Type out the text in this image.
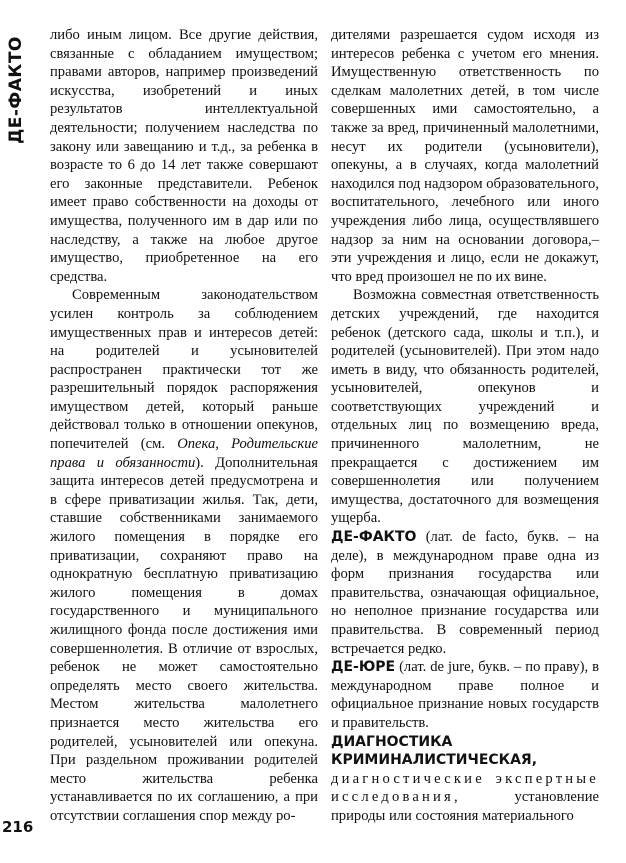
ДЕ-ФАКТО
216

либо иным лицом. Все другие действия, связанные с обладанием имуществом; правами авторов, например произведений искусства, изобретений и иных результатов интеллектуальной деятельности; получением наследства по закону или завещанию и т.д., за ребенка в возрасте то 6 до 14 лет также совершают его законные представители. Ребенок имеет право собственности на доходы от имущества, полученного им в дар или по наследству, а также на любое другое имущество, приобретенное на его средства.

Современным законодательством усилен контроль за соблюдением имущественных прав и интересов детей: на родителей и усыновителей распространен практически тот же разрешительный порядок распоряжения имуществом детей, который раньше действовал только в отношении опекунов, попечителей (см. Опека, Родительские права и обязанности). Дополнительная защита интересов детей предусмотрена и в сфере приватизации жилья. Так, дети, ставшие собственниками занимаемого жилого помещения в порядке его приватизации, сохраняют право на однократную бесплатную приватизацию жилого помещения в домах государственного и муниципального жилищного фонда после достижения ими совершеннолетия. В отличие от взрослых, ребенок не может самостоятельно определять место своего жительства. Местом жительства малолетнего признается место жительства его родителей, усыновителей или опекуна. При раздельном проживании родителей место жительства ребенка устанавливается по их соглашению, а при отсутствии соглашения спор между ро-

дителями разрешается судом исходя из интересов ребенка с учетом его мнения. Имущественную ответственность по сделкам малолетних детей, в том числе совершенных ими самостоятельно, а также за вред, причиненный малолетними, несут их родители (усыновители), опекуны, а в случаях, когда малолетний находился под надзором образовательного, воспитательного, лечебного или иного учреждения либо лица, осуществлявшего надзор за ним на основании договора,– эти учреждения и лицо, если не докажут, что вред произошел не по их вине.

Возможна совместная ответственность детских учреждений, где находится ребенок (детского сада, школы и т.п.), и родителей (усыновителей). При этом надо иметь в виду, что обязанность родителей, усыновителей, опекунов и соответствующих учреждений и отдельных лиц по возмещению вреда, причиненного малолетним, не прекращается с достижением им совершеннолетия или получением имущества, достаточного для возмещения ущерба.

ДЕ-ФАКТО (лат. de facto, букв. – на деле), в международном праве одна из форм признания государства или правительства, означающая официальное, но неполное признание государства или правительства. В современный период встречается редко.

ДЕ-ЮРЕ (лат. de jure, букв. – по праву), в международном праве полное и официальное признание новых государств и правительств.

ДИАГНОСТИКА КРИМИНАЛИСТИЧЕСКАЯ, диагностические экспертные исследования, установление природы или состояния материального
